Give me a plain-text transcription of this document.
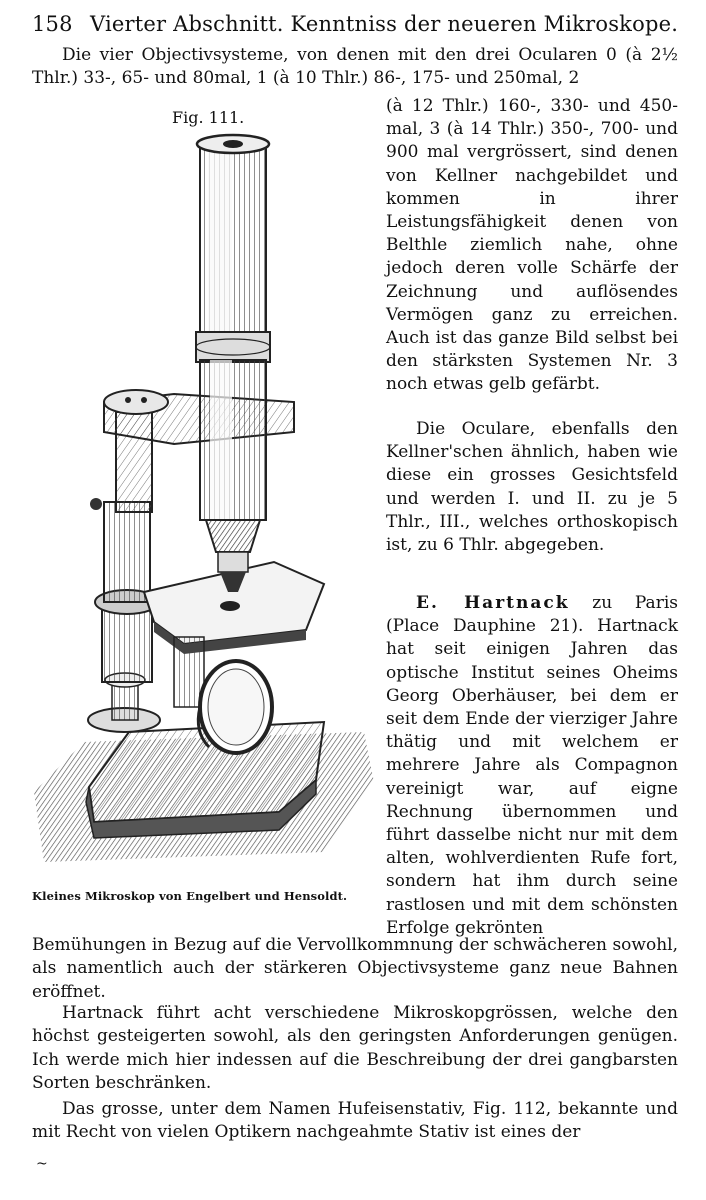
158 Vierter Abschnitt. Kenntniss der neueren Mikroskope.

Die vier Objectivsysteme, von denen mit den drei Ocularen 0 (à 2½ Thlr.) 33-, 65- und 80mal, 1 (à 10 Thlr.) 86-, 175- und 250mal, 2

Fig. 111.
Kleines Mikroskop von Engelbert und Hensoldt.

(à 12 Thlr.) 160-, 330- und 450-mal, 3 (à 14 Thlr.) 350-, 700- und 900 mal vergrössert, sind denen von Kellner nachgebildet und kommen in ihrer Leistungsfähigkeit denen von Belthle ziemlich nahe, ohne jedoch deren volle Schärfe der Zeichnung und auflösendes Vermögen ganz zu erreichen. Auch ist das ganze Bild selbst bei den stärksten Systemen Nr. 3 noch etwas gelb gefärbt.

Die Oculare, ebenfalls den Kellner'schen ähnlich, haben wie diese ein grosses Gesichtsfeld und werden I. und II. zu je 5 Thlr., III., welches orthoskopisch ist, zu 6 Thlr. abgegeben.

E. Hartnack zu Paris (Place Dauphine 21). Hartnack hat seit einigen Jahren das optische Institut seines Oheims Georg Oberhäuser, bei dem er seit dem Ende der vierziger Jahre thätig und mit welchem er mehrere Jahre als Compagnon vereinigt war, auf eigne Rechnung übernommen und führt dasselbe nicht nur mit dem alten, wohlverdienten Rufe fort, sondern hat ihm durch seine rastlosen und mit dem schönsten Erfolge gekrönten

Bemühungen in Bezug auf die Vervollkommnung der schwächeren sowohl, als namentlich auch der stärkeren Objectivsysteme ganz neue Bahnen eröffnet.

Hartnack führt acht verschiedene Mikroskopgrössen, welche den höchst gesteigerten sowohl, als den geringsten Anforderungen genügen. Ich werde mich hier indessen auf die Beschreibung der drei gangbarsten Sorten beschränken.

Das grosse, unter dem Namen Hufeisenstativ, Fig. 112, bekannte und mit Recht von vielen Optikern nachgeahmte Stativ ist eines der

~
